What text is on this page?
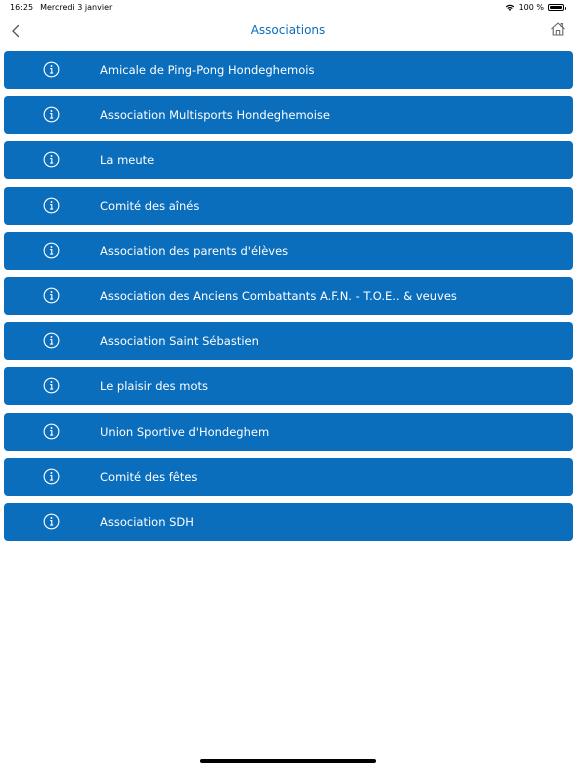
16:25 Mercredi 3 janvier	100 %
Associations
Amicale de Ping-Pong Hondeghemois
Association Multisports Hondeghemoise
La meute
Comité des aînés
Association des parents d'élèves
Association des Anciens Combattants A.F.N. - T.O.E.. & veuves
Association Saint Sébastien
Le plaisir des mots
Union Sportive d'Hondeghem
Comité des fêtes
Association SDH
